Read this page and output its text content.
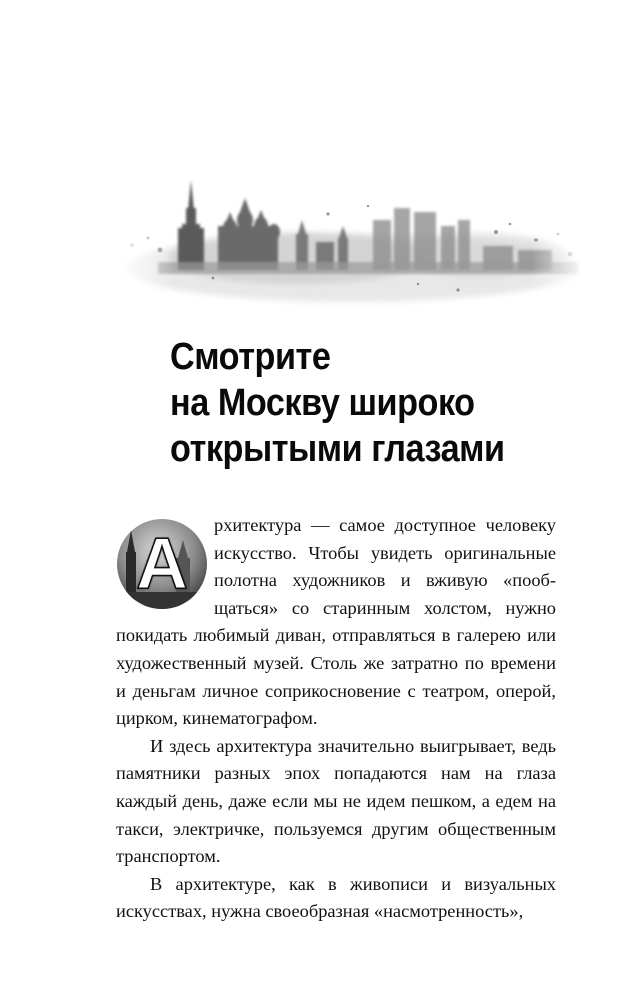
Смотрите
на Москву широко
открытыми глазами

А	рхитектура — самое доступное человеку искусство. Чтобы увидеть оригинальные полотна художников и вживую «пообщаться» со старинным холстом, нужно покидать любимый диван, отправляться в галерею или художественный музей. Столь же затратно по времени и деньгам личное соприкосновение с театром, оперой, цирком, кинематографом.

И здесь архитектура значительно выигрывает, ведь памятники разных эпох попадаются нам на глаза каждый день, даже если мы не идем пешком, а едем на такси, электричке, пользуемся другим общественным транспортом.

В архитектуре, как в живописи и визуальных искусствах, нужна своеобразная «насмотренность»,
